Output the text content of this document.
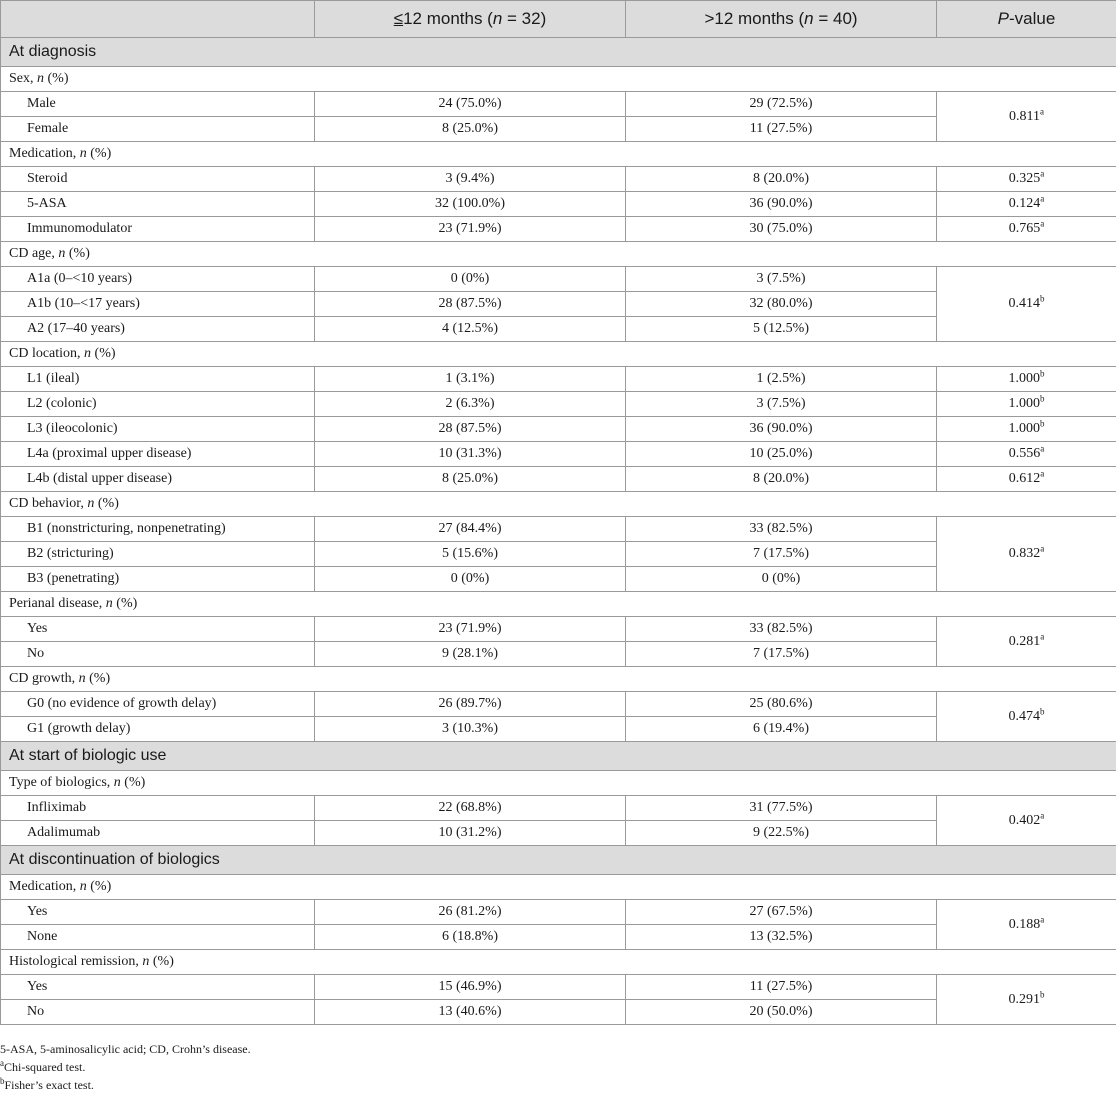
	≤12 months (n = 32)	>12 months (n = 40)	P-value
At diagnosis			
Sex, n (%)			
Male	24 (75.0%)	29 (72.5%)	0.811$^a$
Female	8 (25.0%)	11 (27.5%)	
Medication, n (%)			
Steroid	3 (9.4%)	8 (20.0%)	0.325$^a$
5-ASA	32 (100.0%)	36 (90.0%)	0.124$^a$
Immunomodulator	23 (71.9%)	30 (75.0%)	0.765$^a$
CD age, n (%)			
A1a (0–<10 years)	0 (0%)	3 (7.5%)	0.414$^b$
A1b (10–<17 years)	28 (87.5%)	32 (80.0%)	
A2 (17–40 years)	4 (12.5%)	5 (12.5%)	
CD location, n (%)			
L1 (ileal)	1 (3.1%)	1 (2.5%)	1.000$^b$
L2 (colonic)	2 (6.3%)	3 (7.5%)	1.000$^b$
L3 (ileocolonic)	28 (87.5%)	36 (90.0%)	1.000$^b$
L4a (proximal upper disease)	10 (31.3%)	10 (25.0%)	0.556$^a$
L4b (distal upper disease)	8 (25.0%)	8 (20.0%)	0.612$^a$
CD behavior, n (%)			
B1 (nonstricturing, nonpenetrating)	27 (84.4%)	33 (82.5%)	0.832$^a$
B2 (stricturing)	5 (15.6%)	7 (17.5%)	
B3 (penetrating)	0 (0%)	0 (0%)	
Perianal disease, n (%)			
Yes	23 (71.9%)	33 (82.5%)	0.281$^a$
No	9 (28.1%)	7 (17.5%)	
CD growth, n (%)			
G0 (no evidence of growth delay)	26 (89.7%)	25 (80.6%)	0.474$^b$
G1 (growth delay)	3 (10.3%)	6 (19.4%)	
At start of biologic use			
Type of biologics, n (%)			
Infliximab	22 (68.8%)	31 (77.5%)	0.402$^a$
Adalimumab	10 (31.2%)	9 (22.5%)	
At discontinuation of biologics			
Medication, n (%)			
Yes	26 (81.2%)	27 (67.5%)	0.188$^a$
None	6 (18.8%)	13 (32.5%)	
Histological remission, n (%)			
Yes	15 (46.9%)	11 (27.5%)	0.291$^b$
No	13 (40.6%)	20 (50.0%)	
5-ASA, 5-aminosalicylic acid; CD, Crohn’s disease.
$^a$Chi-squared test.
$^b$Fisher’s exact test.
